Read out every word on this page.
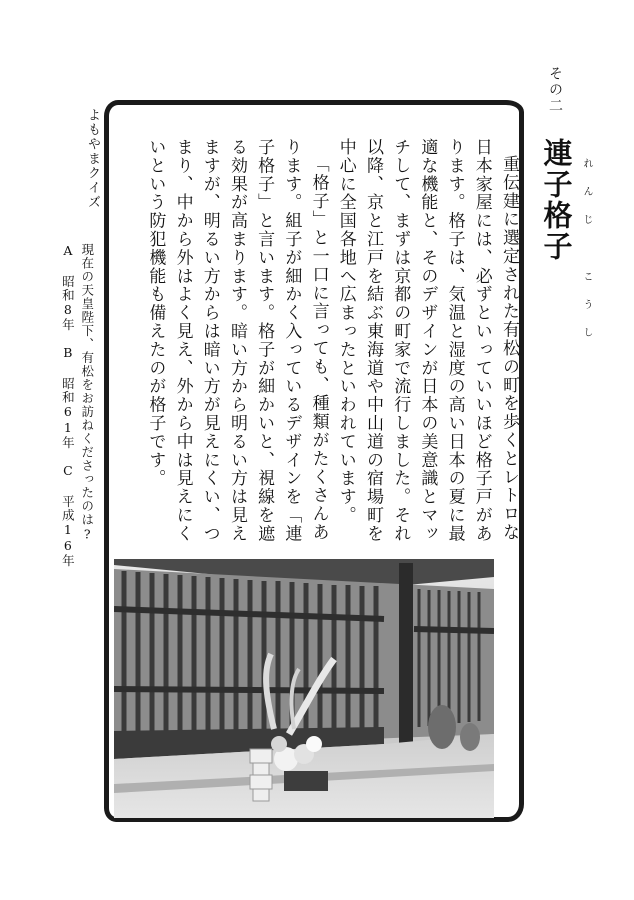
その二
連子格子 れんじ こうし

重伝建に選定された有松の町を歩くとレトロな日本家屋には、必ずといっていいほど格子戸があります。格子は、気温と湿度の高い日本の夏に最適な機能と、そのデザインが日本の美意識とマッチして、まずは京都の町家で流行しました。それ以降、京と江戸を結ぶ東海道や中山道の宿場町を中心に全国各地へ広まったといわれています。

「格子」と一口に言っても、種類がたくさんあります。組子が細かく入っているデザインを「連子格子」と言います。格子が細かいと、視線を遮る効果が高まります。暗い方から明るい方は見えますが、明るい方からは暗い方が見えにくい、つまり、中から外はよく見え、外から中は見えにくいという防犯機能も備えたのが格子です。

よもやまクイズ
現在の天皇陛下、有松をお訪ねくださったのは?
A 昭和8年　B 昭和61年　C 平成16年
